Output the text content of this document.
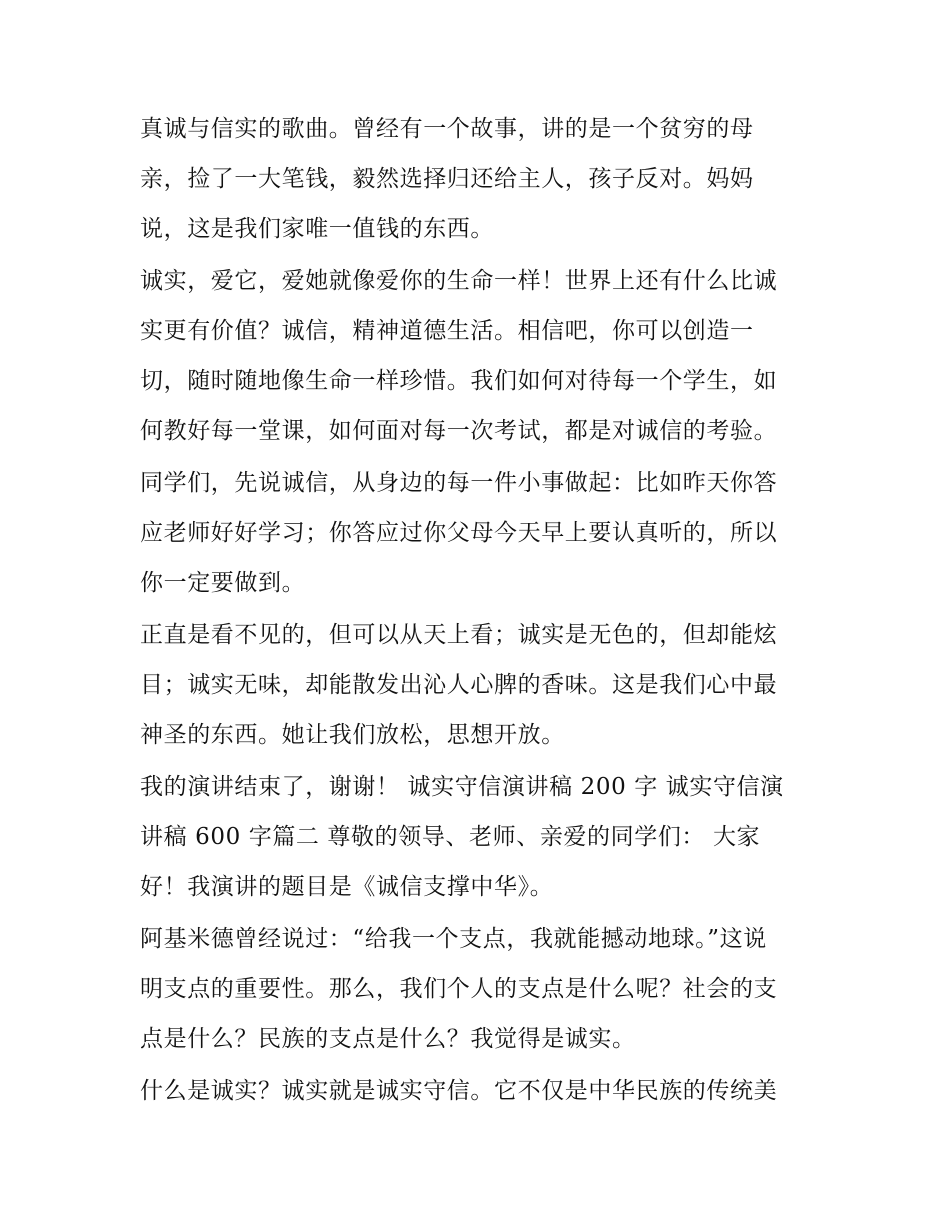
真诚与信实的歌曲。曾经有一个故事，讲的是一个贫穷的母
亲，捡了一大笔钱，毅然选择归还给主人，孩子反对。妈妈
说，这是我们家唯一值钱的东西。
诚实，爱它，爱她就像爱你的生命一样！世界上还有什么比诚
实更有价值？诚信，精神道德生活。相信吧，你可以创造一
切，随时随地像生命一样珍惜。我们如何对待每一个学生，如
何教好每一堂课，如何面对每一次考试，都是对诚信的考验。
同学们，先说诚信，从身边的每一件小事做起：比如昨天你答
应老师好好学习；你答应过你父母今天早上要认真听的，所以
你一定要做到。
正直是看不见的，但可以从天上看；诚实是无色的，但却能炫
目；诚实无味，却能散发出沁人心脾的香味。这是我们心中最
神圣的东西。她让我们放松，思想开放。
我的演讲结束了，谢谢！ 诚实守信演讲稿 200 字 诚实守信演
讲稿 600 字篇二 尊敬的领导、老师、亲爱的同学们： 大家
好！我演讲的题目是《诚信支撑中华》。
阿基米德曾经说过：“给我一个支点，我就能撼动地球。”这说
明支点的重要性。那么，我们个人的支点是什么呢？社会的支
点是什么？民族的支点是什么？我觉得是诚实。
什么是诚实？诚实就是诚实守信。它不仅是中华民族的传统美
